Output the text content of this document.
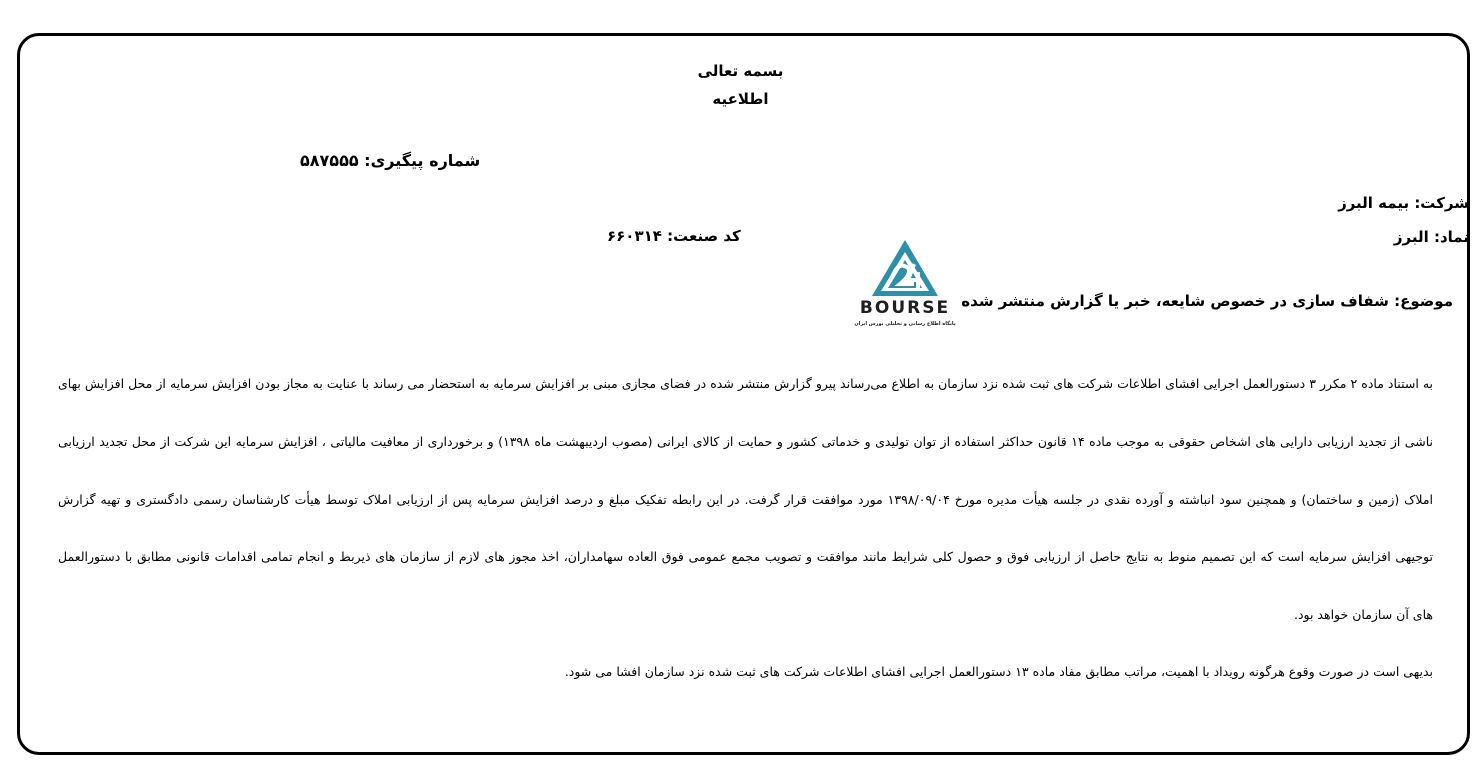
بسمه تعالی
اطلاعیه
شماره پیگیری: ۵۸۷۵۵۵
شرکت: بیمه البرز
نماد: البرز
کد صنعت: ۶۶۰۳۱۴
موضوع: شفاف سازی در خصوص شایعه، خبر یا گزارش منتشر شده
BOURSE
پایگاه اطلاع رسانی و تحلیلی بورس ایران
به استناد ماده ۲ مکرر ۳ دستورالعمل اجرایی افشای اطلاعات شرکت های ثبت شده نزد سازمان به اطلاع می‌رساند پیرو گزارش منتشر شده در فضای مجازی مبنی بر افزایش سرمایه به استحضار می رساند با عنایت به مجاز بودن افزایش سرمایه از محل افزایش بهای
ناشی از تجدید ارزیابی دارایی های اشخاص حقوقی به موجب ماده ۱۴ قانون حداکثر استفاده از توان تولیدی و خدماتی کشور و حمایت از کالای ایرانی (مصوب اردیبهشت ماه ۱۳۹۸) و برخورداری از معافیت مالیاتی ، افزایش سرمایه این شرکت از محل تجدید ارزیابی
املاک (زمین و ساختمان) و همچنین سود انباشته و آورده نقدی در جلسه هیأت مدیره مورخ ۱۳۹۸/۰۹/۰۴ مورد موافقت قرار گرفت. در این رابطه تفکیک مبلغ و درصد افزایش سرمایه پس از ارزیابی املاک توسط هیأت کارشناسان رسمی دادگستری و تهیه گزارش
توجیهی افزایش سرمایه است که این تصمیم منوط به نتایج حاصل از ارزیابی فوق و حصول کلی شرایط مانند موافقت و تصویب مجمع عمومی فوق العاده سهامداران، اخذ مجوز های لازم از سازمان های ذیربط و انجام تمامی اقدامات قانونی مطابق با دستورالعمل
های آن سازمان خواهد بود.
بدیهی است در صورت وقوع هرگونه رویداد با اهمیت، مراتب مطابق مفاد ماده ۱۳ دستورالعمل اجرایی افشای اطلاعات شرکت های ثبت شده نزد سازمان افشا می شود.
